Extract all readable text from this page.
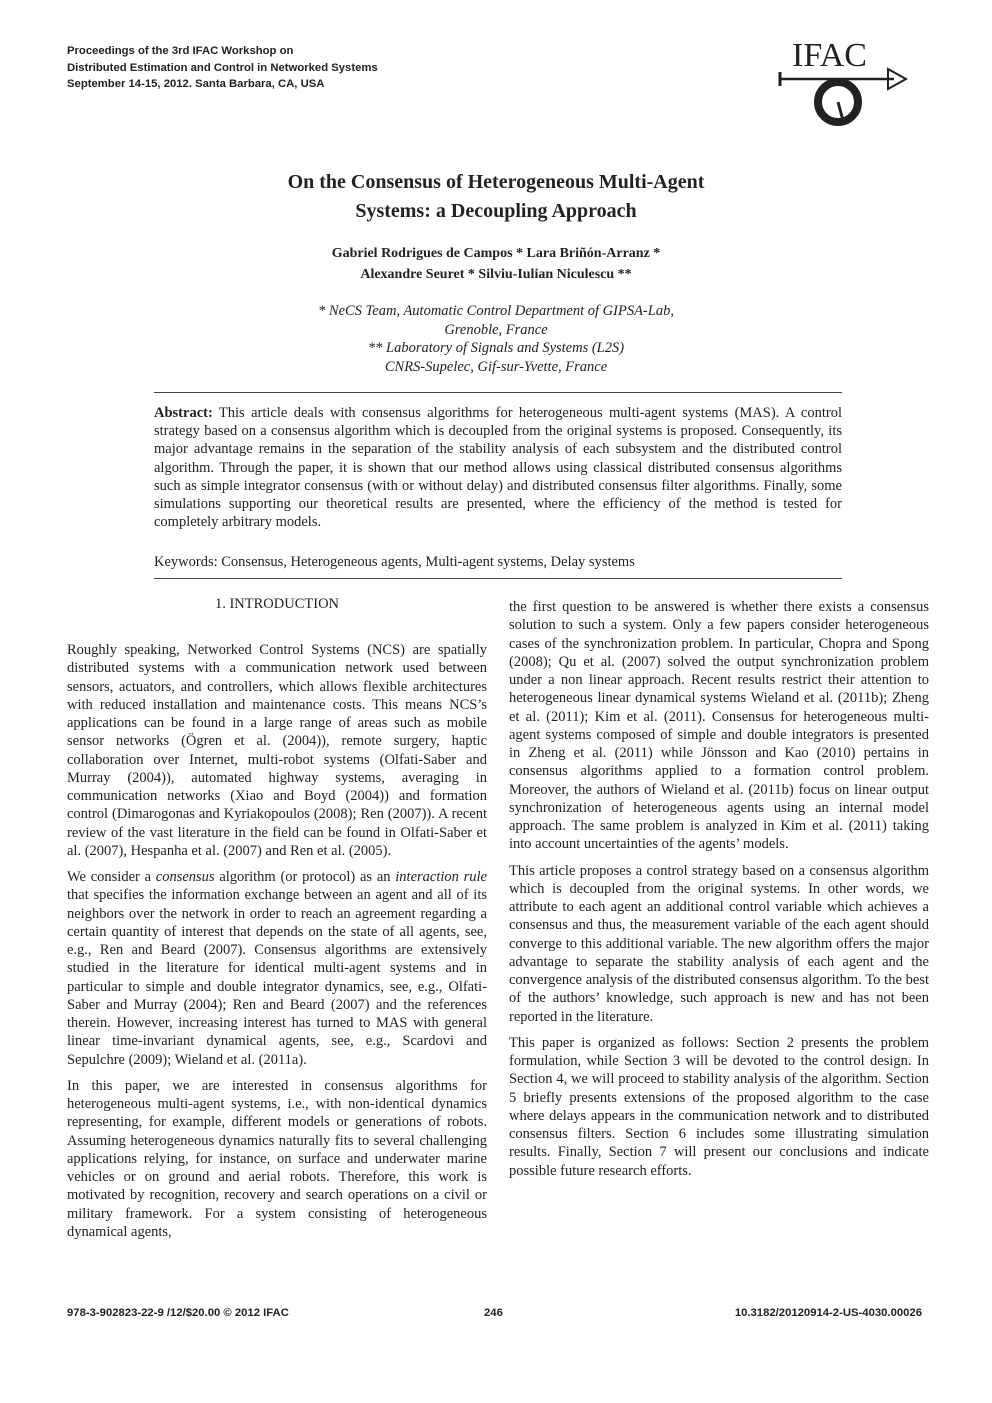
Proceedings of the 3rd IFAC Workshop on
Distributed Estimation and Control in Networked Systems
September 14-15, 2012. Santa Barbara, CA, USA
IFAC
On the Consensus of Heterogeneous Multi-Agent
Systems: a Decoupling Approach
Gabriel Rodrigues de Campos * Lara Briñón-Arranz *
Alexandre Seuret * Silviu-Iulian Niculescu **
* NeCS Team, Automatic Control Department of GIPSA-Lab,
Grenoble, France
** Laboratory of Signals and Systems (L2S)
CNRS-Supelec, Gif-sur-Yvette, France
Abstract: This article deals with consensus algorithms for heterogeneous multi-agent systems (MAS). A control strategy based on a consensus algorithm which is decoupled from the original systems is proposed. Consequently, its major advantage remains in the separation of the stability analysis of each subsystem and the distributed control algorithm. Through the paper, it is shown that our method allows using classical distributed consensus algorithms such as simple integrator consensus (with or without delay) and distributed consensus filter algorithms. Finally, some simulations supporting our theoretical results are presented, where the efficiency of the method is tested for completely arbitrary models.
Keywords: Consensus, Heterogeneous agents, Multi-agent systems, Delay systems
1. INTRODUCTION

Roughly speaking, Networked Control Systems (NCS) are spatially distributed systems with a communication network used between sensors, actuators, and controllers, which allows flexible architectures with reduced installation and maintenance costs. This means NCS’s applications can be found in a large range of areas such as mobile sensor networks (Ögren et al. (2004)), remote surgery, haptic collaboration over Internet, multi-robot systems (Olfati-Saber and Murray (2004)), automated highway systems, averaging in communication networks (Xiao and Boyd (2004)) and formation control (Dimarogonas and Kyriakopoulos (2008); Ren (2007)). A recent review of the vast literature in the field can be found in Olfati-Saber et al. (2007), Hespanha et al. (2007) and Ren et al. (2005).

We consider a consensus algorithm (or protocol) as an interaction rule that specifies the information exchange between an agent and all of its neighbors over the network in order to reach an agreement regarding a certain quantity of interest that depends on the state of all agents, see, e.g., Ren and Beard (2007). Consensus algorithms are extensively studied in the literature for identical multi-agent systems and in particular to simple and double integrator dynamics, see, e.g., Olfati-Saber and Murray (2004); Ren and Beard (2007) and the references therein. However, increasing interest has turned to MAS with general linear time-invariant dynamical agents, see, e.g., Scardovi and Sepulchre (2009); Wieland et al. (2011a).

In this paper, we are interested in consensus algorithms for heterogeneous multi-agent systems, i.e., with non-identical dynamics representing, for example, different models or generations of robots. Assuming heterogeneous dynamics naturally fits to several challenging applications relying, for instance, on surface and underwater marine vehicles or on ground and aerial robots. Therefore, this work is motivated by recognition, recovery and search operations on a civil or military framework. For a system consisting of heterogeneous dynamical agents,

the first question to be answered is whether there exists a consensus solution to such a system. Only a few papers consider heterogeneous cases of the synchronization problem. In particular, Chopra and Spong (2008); Qu et al. (2007) solved the output synchronization problem under a non linear approach. Recent results restrict their attention to heterogeneous linear dynamical systems Wieland et al. (2011b); Zheng et al. (2011); Kim et al. (2011). Consensus for heterogeneous multi-agent systems composed of simple and double integrators is presented in Zheng et al. (2011) while Jönsson and Kao (2010) pertains in consensus algorithms applied to a formation control problem. Moreover, the authors of Wieland et al. (2011b) focus on linear output synchronization of heterogeneous agents using an internal model approach. The same problem is analyzed in Kim et al. (2011) taking into account uncertainties of the agents’ models.

This article proposes a control strategy based on a consensus algorithm which is decoupled from the original systems. In other words, we attribute to each agent an additional control variable which achieves a consensus and thus, the measurement variable of the each agent should converge to this additional variable. The new algorithm offers the major advantage to separate the stability analysis of each agent and the convergence analysis of the distributed consensus algorithm. To the best of the authors’ knowledge, such approach is new and has not been reported in the literature.

This paper is organized as follows: Section 2 presents the problem formulation, while Section 3 will be devoted to the control design. In Section 4, we will proceed to stability analysis of the algorithm. Section 5 briefly presents extensions of the proposed algorithm to the case where delays appears in the communication network and to distributed consensus filters. Section 6 includes some illustrating simulation results. Finally, Section 7 will present our conclusions and indicate possible future research efforts.

978-3-902823-22-9 /12/$20.00 © 2012 IFAC	246	10.3182/20120914-2-US-4030.00026
